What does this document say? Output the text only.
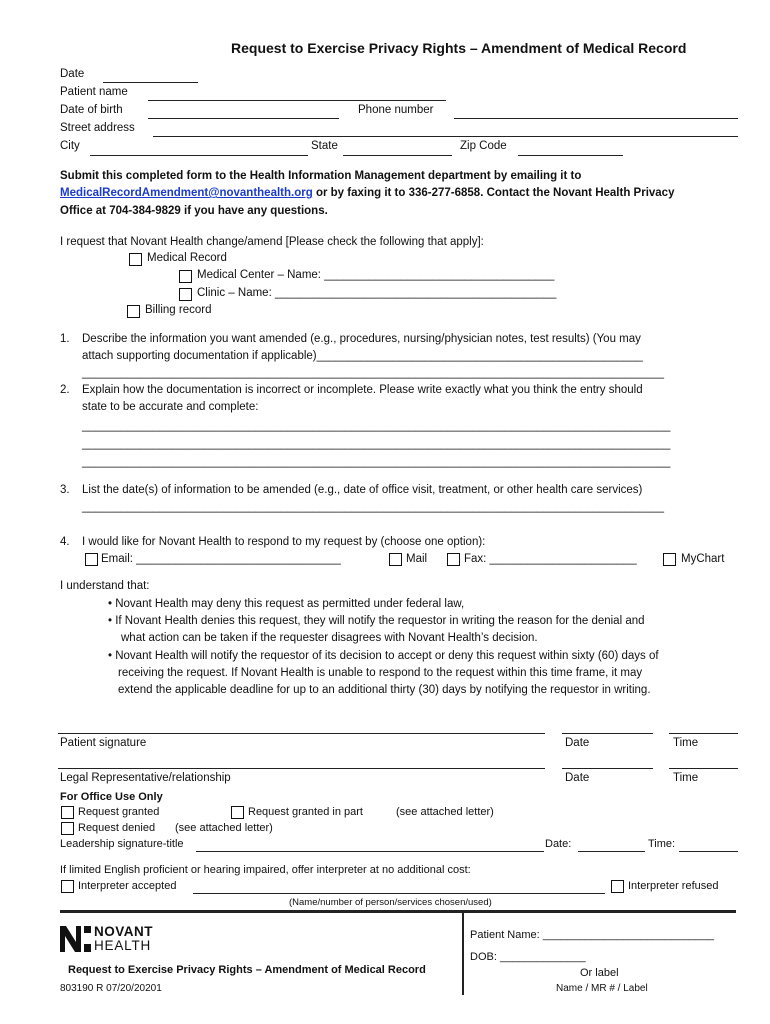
Request to Exercise Privacy Rights – Amendment of Medical Record
Date
Patient name
Date of birth	Phone number
Street address
City	State	Zip Code
Submit this completed form to the Health Information Management department by emailing it to
MedicalRecordAmendment@novanthealth.org or by faxing it to 336-277-6858. Contact the Novant Health Privacy
Office at 704-384-9829 if you have any questions.
I request that Novant Health change/amend [Please check the following that apply]:
Medical Record
Medical Center – Name: ____________________________________
Clinic – Name: ____________________________________________
Billing record
1. Describe the information you want amended (e.g., procedures, nursing/physician notes, test results) (You may
attach supporting documentation if applicable)___________________________________________________
___________________________________________________________________________________________
2. Explain how the documentation is incorrect or incomplete. Please write exactly what you think the entry should
state to be accurate and complete:
____________________________________________________________________________________________
____________________________________________________________________________________________
____________________________________________________________________________________________
3. List the date(s) of information to be amended (e.g., date of office visit, treatment, or other health care services)
___________________________________________________________________________________________
4. I would like for Novant Health to respond to my request by (choose one option):
Email: ________________________________	Mail	Fax: _______________________	MyChart
I understand that:
• Novant Health may deny this request as permitted under federal law,
• If Novant Health denies this request, they will notify the requestor in writing the reason for the denial and
what action can be taken if the requester disagrees with Novant Health’s decision.
• Novant Health will notify the requestor of its decision to accept or deny this request within sixty (60) days of
receiving the request. If Novant Health is unable to respond to the request within this time frame, it may
extend the applicable deadline for up to an additional thirty (30) days by notifying the requestor in writing.
Patient signature	Date	Time
Legal Representative/relationship	Date	Time
For Office Use Only
Request granted	Request granted in part	(see attached letter)
Request denied (see attached letter)
Leadership signature-title	Date:	Time:
If limited English proficient or hearing impaired, offer interpreter at no additional cost:
Interpreter accepted	Interpreter refused
(Name/number of person/services chosen/used)
NOVANT
HEALTH
Request to Exercise Privacy Rights – Amendment of Medical Record
803190 R 07/20/20201
Patient Name: ____________________________
DOB: ______________
Or label
Name / MR # / Label
